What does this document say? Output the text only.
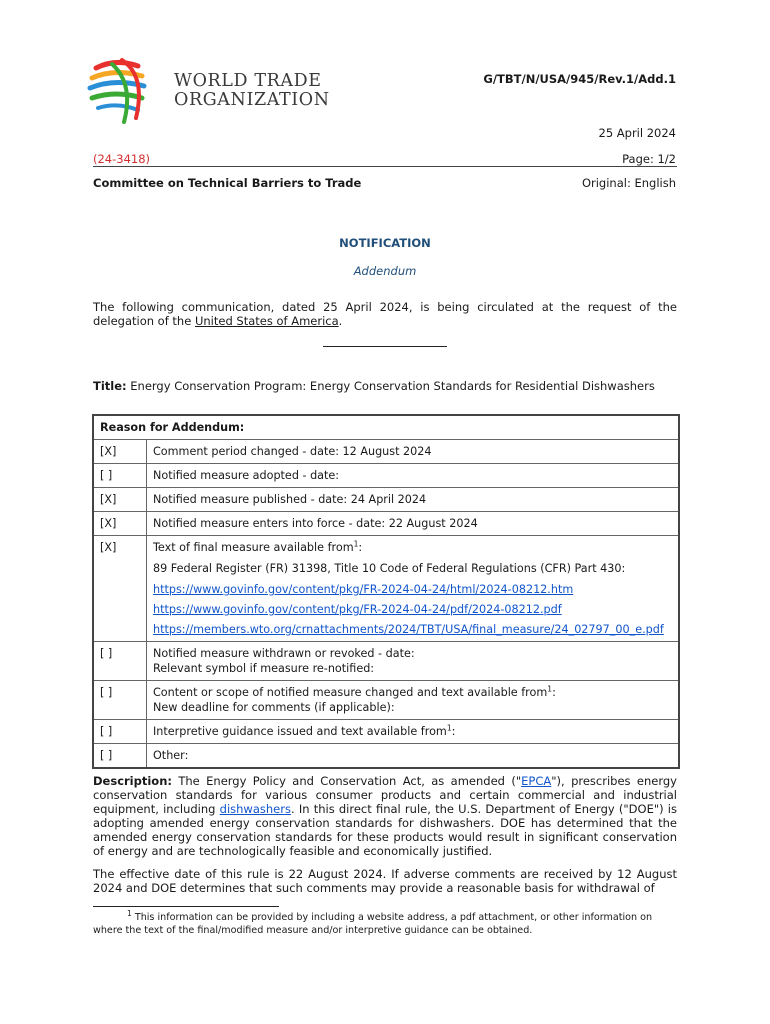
WORLD TRADE
ORGANIZATION
G/TBT/N/USA/945/Rev.1/Add.1
25 April 2024
(24-3418)	Page: 1/2
Committee on Technical Barriers to Trade	Original: English
NOTIFICATION
Addendum
The following communication, dated 25 April 2024, is being circulated at the request of the delegation of the United States of America.
Title: Energy Conservation Program: Energy Conservation Standards for Residential Dishwashers
Reason for Addendum:	
[X]	Comment period changed - date: 12 August 2024
[ ]	Notified measure adopted - date:
[X]	Notified measure published - date: 24 April 2024
[X]	Notified measure enters into force - date: 22 August 2024
[X]	Text of final measure available from$^1$:
89 Federal Register (FR) 31398, Title 10 Code of Federal Regulations (CFR) Part 430:
https://www.govinfo.gov/content/pkg/FR-2024-04-24/html/2024-08212.htm
https://www.govinfo.gov/content/pkg/FR-2024-04-24/pdf/2024-08212.pdf
https://members.wto.org/crnattachments/2024/TBT/USA/final_measure/24_02797_00_e.pdf

[ ]	Notified measure withdrawn or revoked - date:
Relevant symbol if measure re-notified:

[ ]	Content or scope of notified measure changed and text available from$^1$:
New deadline for comments (if applicable):

[ ]	Interpretive guidance issued and text available from$^1$:
[ ]	Other:

Description: The Energy Policy and Conservation Act, as amended ("EPCA"), prescribes energy conservation standards for various consumer products and certain commercial and industrial equipment, including dishwashers. In this direct final rule, the U.S. Department of Energy ("DOE") is adopting amended energy conservation standards for dishwashers. DOE has determined that the amended energy conservation standards for these products would result in significant conservation of energy and are technologically feasible and economically justified.

The effective date of this rule is 22 August 2024. If adverse comments are received by 12 August 2024 and DOE determines that such comments may provide a reasonable basis for withdrawal of

$^1$ This information can be provided by including a website address, a pdf attachment, or other information on where the text of the final/modified measure and/or interpretive guidance can be obtained.
